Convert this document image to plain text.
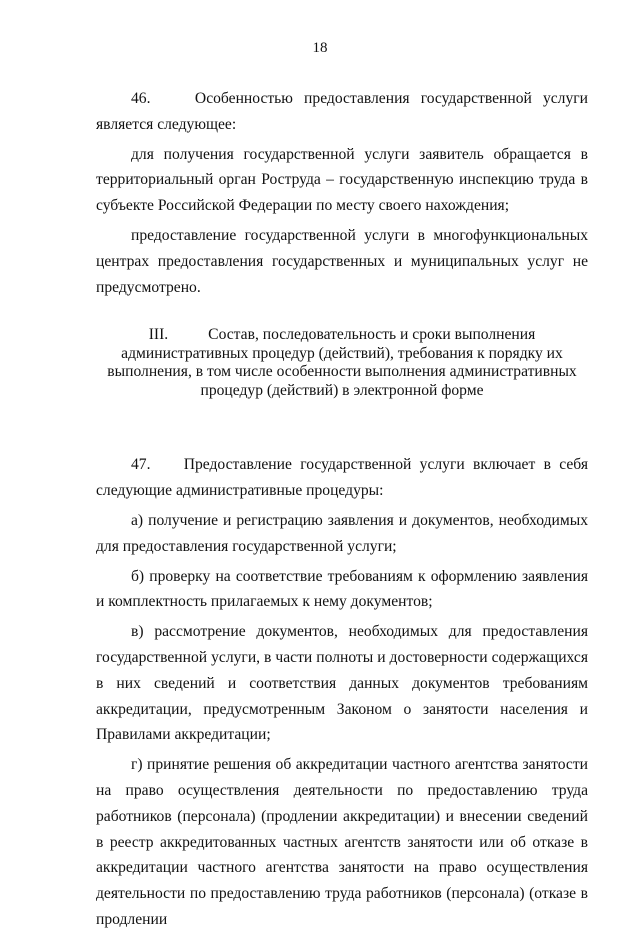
18

46.    Особенностью предоставления государственной услуги является следующее:

для получения государственной услуги заявитель обращается в территориальный орган Роструда – государственную инспекцию труда в субъекте Российской Федерации по месту своего нахождения;

предоставление государственной услуги в многофункциональных центрах предоставления государственных и муниципальных услуг не предусмотрено.

III.	Состав, последовательность и сроки выполнения административных процедур (действий), требования к порядку их выполнения, в том числе особенности выполнения административных процедур (действий) в электронной форме

47.    Предоставление государственной услуги включает в себя следующие административные процедуры:

а) получение и регистрацию заявления и документов, необходимых для предоставления государственной услуги;

б) проверку на соответствие требованиям к оформлению заявления и комплектность прилагаемых к нему документов;

в) рассмотрение документов, необходимых для предоставления государственной услуги, в части полноты и достоверности содержащихся в них сведений и соответствия данных документов требованиям аккредитации, предусмотренным Законом о занятости населения и Правилами аккредитации;

г) принятие решения об аккредитации частного агентства занятости на право осуществления деятельности по предоставлению труда работников (персонала) (продлении аккредитации) и внесении сведений в реестр аккредитованных частных агентств занятости или об отказе в аккредитации частного агентства занятости на право осуществления деятельности по предоставлению труда работников (персонала) (отказе в продлении
